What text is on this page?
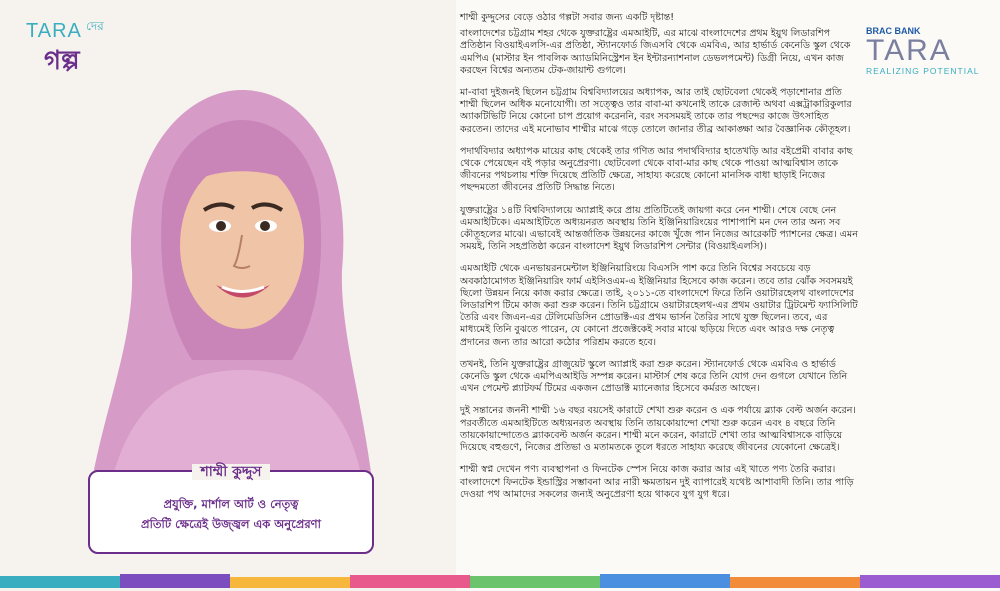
TARA দের
গল্প
শাম্মী কুদ্দুস
প্রযুক্তি, মার্শাল আর্ট ও নেতৃত্ব
প্রতিটি ক্ষেত্রেই উজ্জ্বল এক অনুপ্রেরণা
BRAC BANK
TARA
REALIZING POTENTIAL

শাম্মী কুদ্দুসের বেড়ে ওঠার গল্পটা সবার জন্য একটি দৃষ্টান্ত!

বাংলাদেশের চট্টগ্রাম শহর থেকে যুক্তরাষ্ট্রের এমআইটি, এর মাঝে বাংলাদেশের প্রথম ইয়ুথ লিডারশিপ প্রতিষ্ঠান বিওয়াইএলসি-এর প্রতিষ্ঠা, স্ট্যানফোর্ড জিএসবি থেকে এমবিএ, আর হার্ভার্ড কেনেডি স্কুল থেকে এমপিএ (মাস্টার ইন পাবলিক অ্যাডমিনিস্ট্রেশন ইন ইন্টারন্যাশনাল ডেভলপমেন্ট) ডিগ্রী নিয়ে, এখন কাজ করছেন বিশ্বের অন্যতম টেক-জায়ান্ট গুগলে।

মা-বাবা দুইজনই ছিলেন চট্টগ্রাম বিশ্ববিদ্যালয়ের অধ্যাপক, আর তাই ছোটবেলা থেকেই পড়াশোনার প্রতি শাম্মী ছিলেন অধিক মনোযোগী। তা সত্ত্বেও তার বাবা-মা কখনোই তাকে রেজাল্ট অথবা এক্সট্রাকারিকুলার অ্যাকটিভিটি নিয়ে কোনো চাপ প্রয়োগ করেননি, বরং সবসময়ই তাকে তার পছন্দের কাজে উৎসাহিত করতেন। তাদের এই মনোভাব শাম্মীর মাঝে গড়ে তোলে জানার তীব্র আকাঙ্ক্ষা আর বৈজ্ঞানিক কৌতূহল।

পদার্থবিদ্যার অধ্যাপক মায়ের কাছ থেকেই তার গণিত আর পদার্থবিদ্যার হাতেখড়ি আর বইপ্রেমী বাবার কাছ থেকে পেয়েছেন বই পড়ার অনুপ্রেরণা। ছোটবেলা থেকে বাবা-মার কাছ থেকে পাওয়া আত্মবিশ্বাস তাকে জীবনের পথচলায় শক্তি দিয়েছে প্রতিটি ক্ষেত্রে, সাহায্য করেছে কোনো মানসিক বাধা ছাড়াই নিজের পছন্দমতো জীবনের প্রতিটি সিদ্ধান্ত নিতে।

যুক্তরাষ্ট্রের ১৪টি বিশ্ববিদ্যালয়ে অ্যাপ্লাই করে প্রায় প্রতিটিতেই জায়গা করে নেন শাম্মী। শেষে বেছে নেন এমআইটিকে। এমআইটিতে অধ্যয়নরত অবস্থায় তিনি ইঞ্জিনিয়ারিংয়ের পাশাপাশি মন দেন তার অন্য সব কৌতূহলের মাঝে। এভাবেই আন্তর্জাতিক উন্নয়নের কাজে খুঁজে পান নিজের আরেকটি প্যাশনের ক্ষেত্র। এমন সময়ই, তিনি সহপ্রতিষ্ঠা করেন বাংলাদেশ ইয়ুথ লিডারশিপ সেন্টার (বিওয়াইএলসি)।

এমআইটি থেকে এনভায়রনমেন্টাল ইঞ্জিনিয়ারিংয়ে বিএসসি পাশ করে তিনি বিশ্বের সবচেয়ে বড় অবকাঠামোগত ইঞ্জিনিয়ারিং ফার্ম এইসিওএম-এ ইঞ্জিনিয়ার হিসেবে কাজ করেন। তবে তার ঝোঁক সবসময়ই ছিলো উন্নয়ন নিয়ে কাজ করার ক্ষেত্রে। তাই, ২০১১-তে বাংলাদেশে ফিরে তিনি ওয়াটারহেলথ বাংলাদেশের লিডারশিপ টিমে কাজ করা শুরু করেন। তিনি চট্টগ্রামে ওয়াটারহেলথ-এর প্রথম ওয়াটার ট্রিটমেন্ট ফ্যাসিলিটি তৈরি এবং জিএন-এর টেলিমেডিসিন প্রোডাক্ট-এর প্রথম ভার্সন তৈরির সাথে যুক্ত ছিলেন। তবে, এর মাধ্যমেই তিনি বুঝতে পারেন, যে কোনো প্রজেক্টকেই সবার মাঝে ছড়িয়ে দিতে এবং আরও দক্ষ নেতৃত্ব প্রদানের জন্য তার আরো কঠোর পরিশ্রম করতে হবে।

তখনই, তিনি যুক্তরাষ্ট্রের গ্রাজুয়েট স্কুলে অ্যাপ্লাই করা শুরু করেন। স্ট্যানফোর্ড থেকে এমবিএ ও হার্ভার্ড কেনেডি স্কুল থেকে এমপিএআইডি সম্পন্ন করেন। মাস্টার্স শেষ করে তিনি যোগ দেন গুগলে যেখানে তিনি এখন পেমেন্ট প্ল্যাটফর্ম টিমের একজন প্রোডাক্ট ম্যানেজার হিসেবে কর্মরত আছেন।

দুই সন্তানের জননী শাম্মী ১৬ বছর বয়সেই কারাটে শেখা শুরু করেন ও এক পর্যায়ে ব্ল্যাক বেল্ট অর্জন করেন। পরবর্তীতে এমআইটিতে অধ্যয়নরত অবস্থায় তিনি তায়কোয়ান্দো শেখা শুরু করেন এবং ৪ বছরে তিনি তায়কোয়ান্দোতেও ব্ল্যাকবেল্ট অর্জন করেন। শাম্মী মনে করেন, কারাটে শেখা তার আত্মবিশ্বাসকে বাড়িয়ে দিয়েছে বহুগুণে, নিজের প্রতিভা ও মতামতকে তুলে ধরতে সাহায্য করেছে জীবনের যেকোনো ক্ষেত্রেই।

শাম্মী স্বপ্ন দেখেন পণ্য ব্যবস্থাপনা ও ফিনটেক স্পেস নিয়ে কাজ করার আর এই খাতে পণ্য তৈরি করার। বাংলাদেশে ফিনটেক ইন্ডাস্ট্রির সম্ভাবনা আর নারী ক্ষমতায়ন দুই ব্যাপারেই যথেষ্ট আশাবাদী তিনি। তার পাড়ি দেওয়া পথ আমাদের সকলের জন্যই অনুপ্রেরণা হয়ে থাকবে যুগ যুগ ধরে।
